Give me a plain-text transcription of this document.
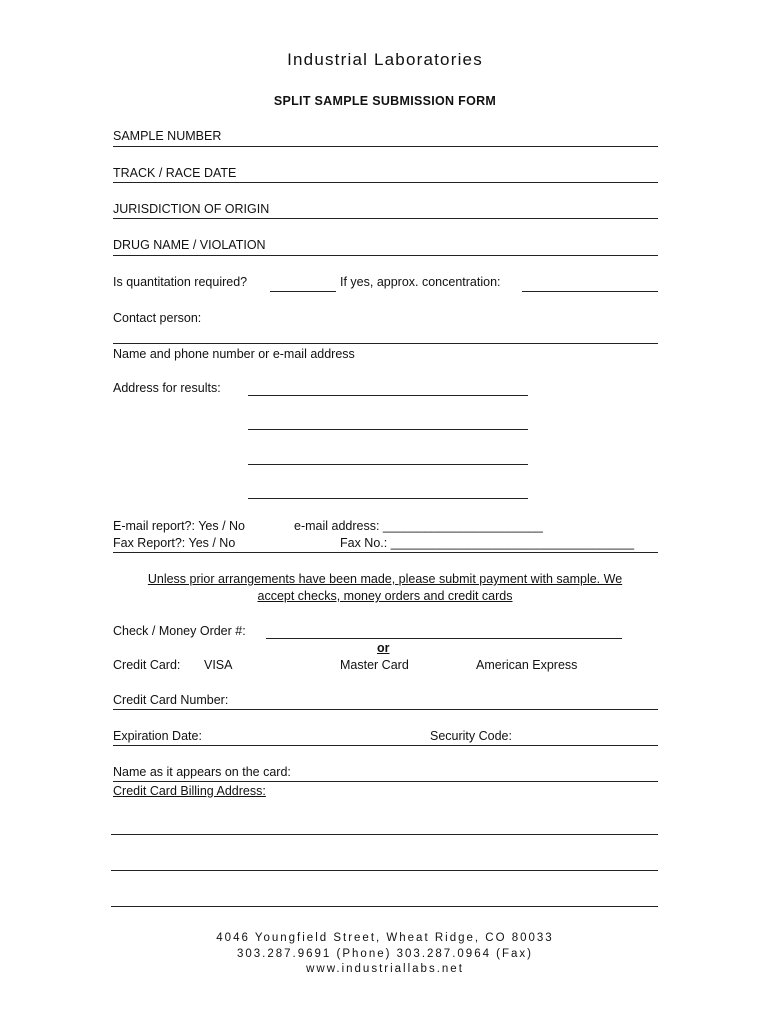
Industrial Laboratories
SPLIT SAMPLE SUBMISSION FORM
SAMPLE NUMBER
TRACK / RACE DATE
JURISDICTION OF ORIGIN
DRUG NAME / VIOLATION
Is quantitation required?	If yes, approx. concentration:
Contact person:
Name and phone number or e-mail address
Address for results:
E-mail report?: Yes / No	e-mail address: _______________________
Fax Report?: Yes / No	Fax No.: ___________________________________
Unless prior arrangements have been made, please submit payment with sample. We
accept checks, money orders and credit cards
Check / Money Order #:
or
Credit Card: VISA	Master Card	American Express
Credit Card Number:
Expiration Date:	Security Code:
Name as it appears on the card:
Credit Card Billing Address:
4046 Youngfield Street, Wheat Ridge, CO 80033
303.287.9691 (Phone) 303.287.0964 (Fax)
www.industriallabs.net
